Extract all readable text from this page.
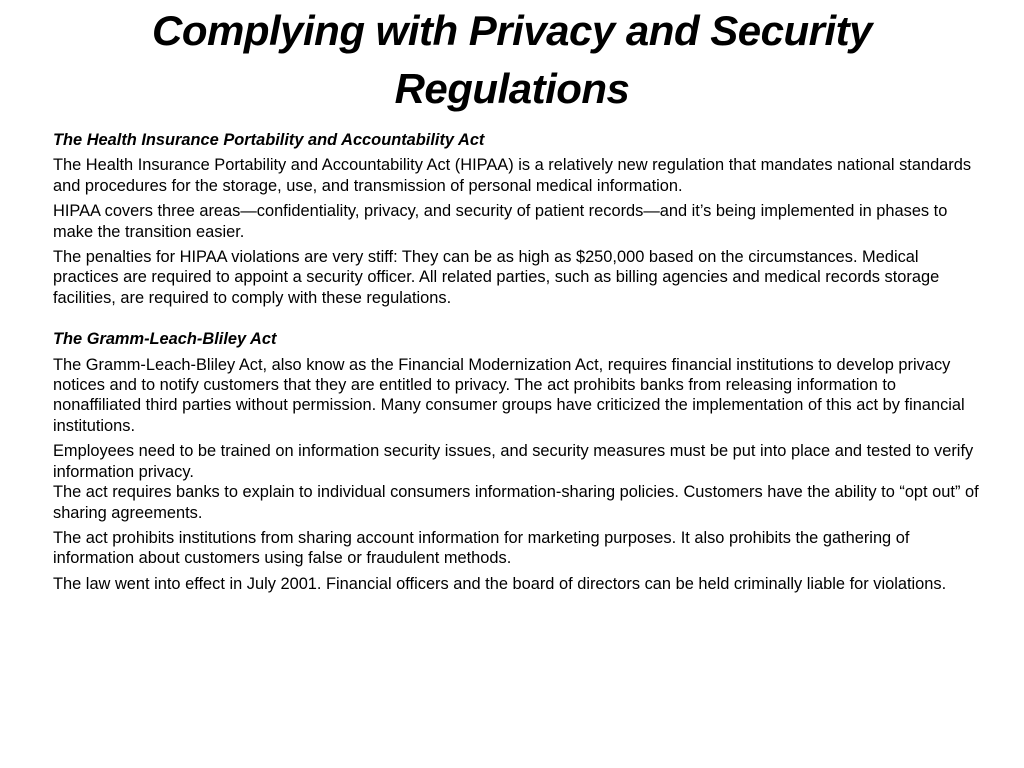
Complying with Privacy and Security Regulations

The Health Insurance Portability and Accountability Act

The Health Insurance Portability and Accountability Act (HIPAA) is a relatively new regulation that mandates national standards and procedures for the storage, use, and transmission of personal medical information.

HIPAA covers three areas—confidentiality, privacy, and security of patient records—and it’s being implemented in phases to make the transition easier.

The penalties for HIPAA violations are very stiff: They can be as high as $250,000 based on the circumstances. Medical practices are required to appoint a security officer. All related parties, such as billing agencies and medical records storage facilities, are required to comply with these regulations.

The Gramm-Leach-Bliley Act

The Gramm-Leach-Bliley Act, also know as the Financial Modernization Act, requires financial institutions to develop privacy notices and to notify customers that they are entitled to privacy. The act prohibits banks from releasing information to nonaffiliated third parties without permission. Many consumer groups have criticized the implementation of this act by financial institutions.

Employees need to be trained on information security issues, and security measures must be put into place and tested to verify information privacy.

The act requires banks to explain to individual consumers information-sharing policies. Customers have the ability to “opt out” of sharing agreements.

The act prohibits institutions from sharing account information for marketing purposes. It also prohibits the gathering of information about customers using false or fraudulent methods.

The law went into effect in July 2001. Financial officers and the board of directors can be held criminally liable for violations.
